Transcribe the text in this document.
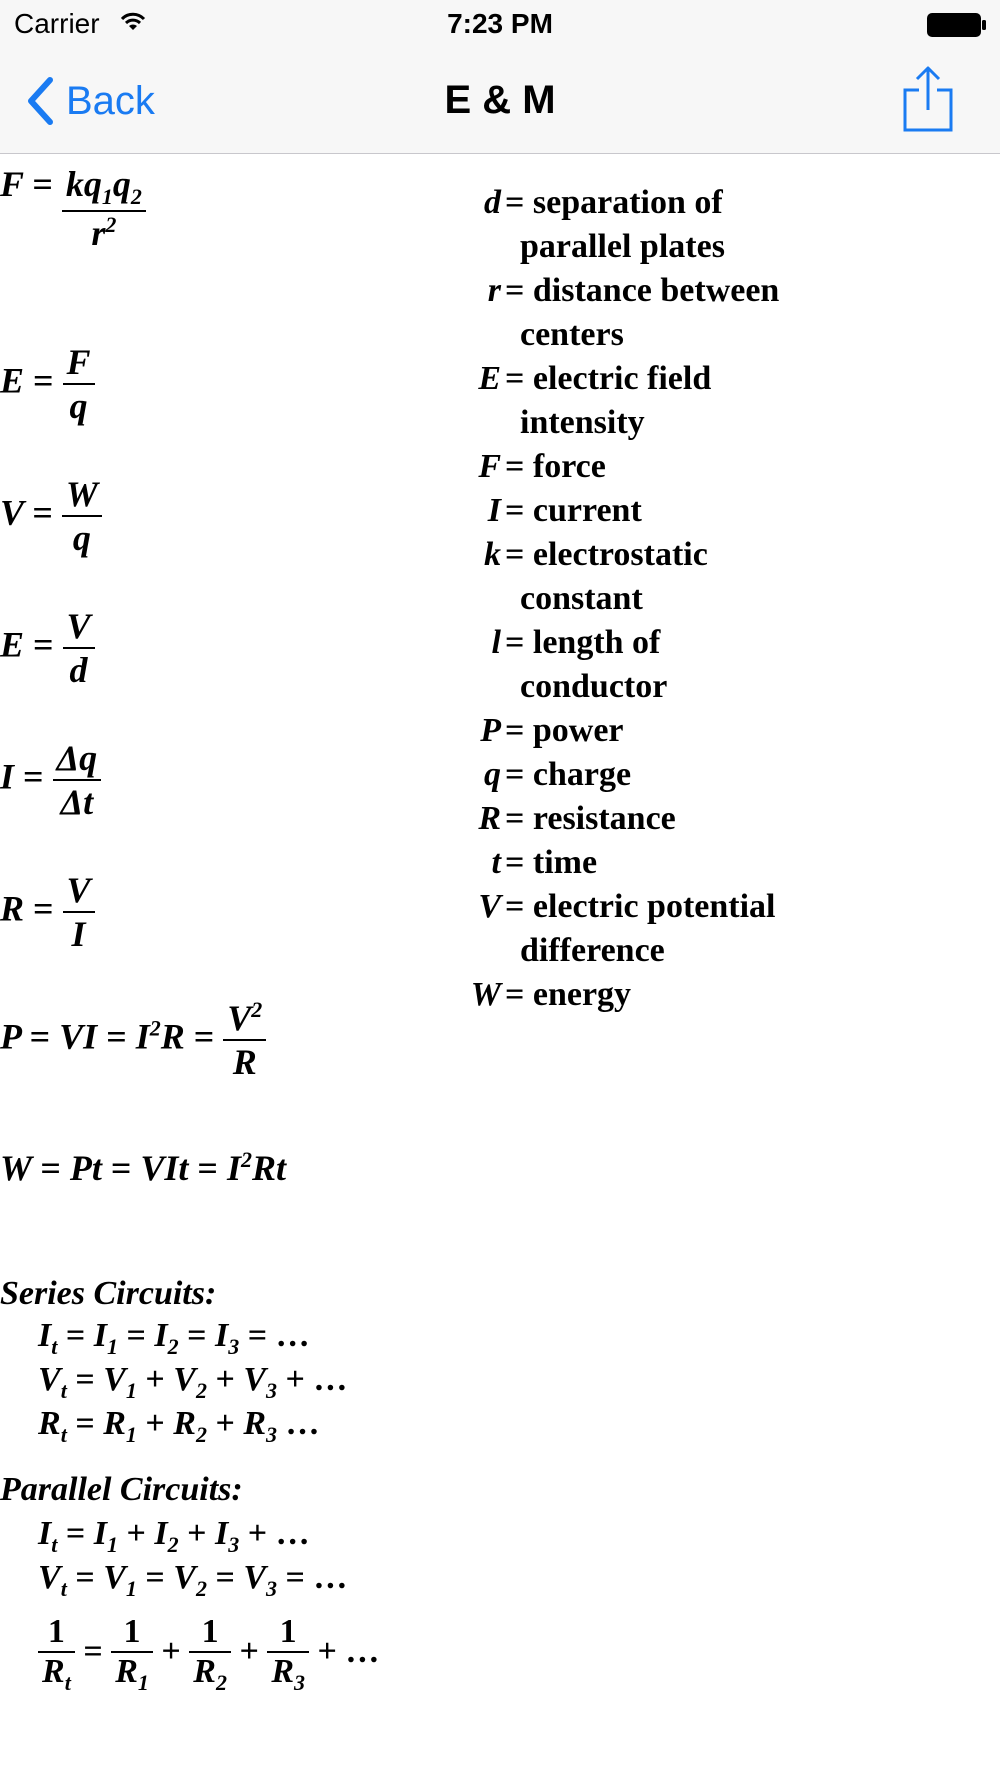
Carrier	7:23 PM
Back	E & M
$F = \frac{kq_1q_2}{r^2}$
$E = \frac{F}{q}$
$V = \frac{W}{q}$
$E = \frac{V}{d}$
$I = \frac{\Delta q}{\Delta t}$
$R = \frac{V}{I}$
P = VI = $I^2R = \frac{V^2}{R}$
W = Pt = VIt = $I^2Rt$
d = separation of
parallel plates
r = distance between
centers
E = electric field
intensity
F = force
I = current
k = electrostatic
constant
l = length of
conductor
P = power
q = charge
R = resistance
t = time
V = electric potential
difference
W = energy
Series Circuits:
$I_t = I_1 = I_2 = I_3$ = …
$V_t = V_1 + V_2 + V_3$ + …
$R_t = R_1 + R_2 + R_3$ …
Parallel Circuits:
$I_t = I_1 + I_2 + I_3$ + …
$V_t = V_1 = V_2 = V_3$ = …
$\frac{1}{R_t} = \frac{1}{R_1} + \frac{1}{R_2} + \frac{1}{R_3}$ + …
